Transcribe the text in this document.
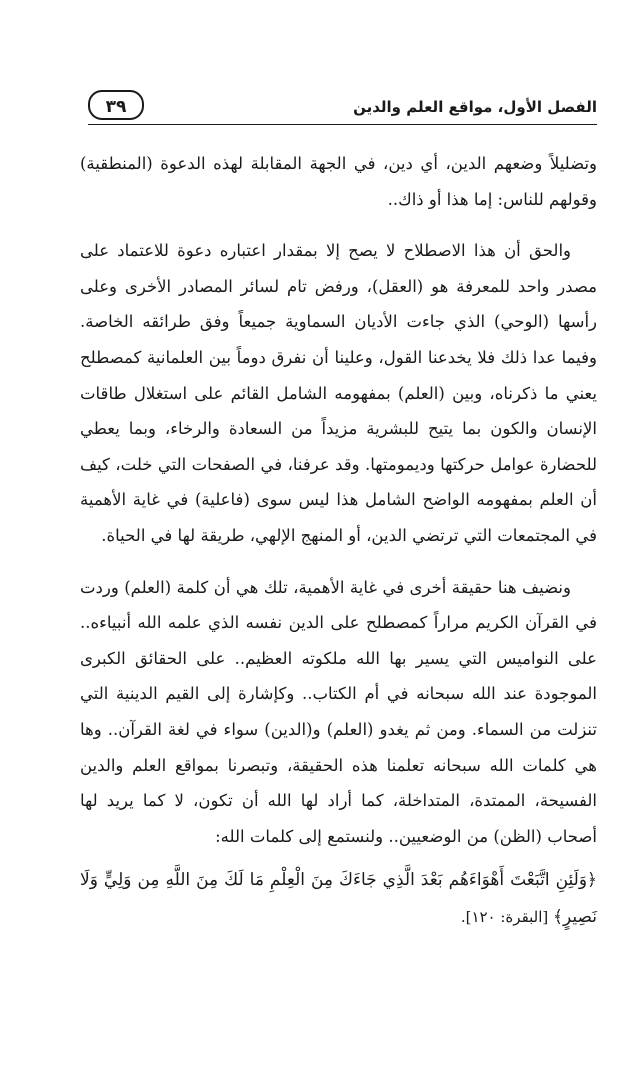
الفصل الأول، مواقع العلم والدين
٣٩

وتضليلاً وضعهم الدين، أي دين، في الجهة المقابلة لهذه الدعوة (المنطقية) وقولهم للناس: إما هذا أو ذاك..

والحق أن هذا الاصطلاح لا يصح إلا بمقدار اعتباره دعوة للاعتماد على مصدر واحد للمعرفة هو (العقل)، ورفض تام لسائر المصادر الأخرى وعلى رأسها (الوحي) الذي جاءت الأديان السماوية جميعاً وفق طرائقه الخاصة. وفيما عدا ذلك فلا يخدعنا القول، وعلينا أن نفرق دوماً بين العلمانية كمصطلح يعني ما ذكرناه، وبين (العلم) بمفهومه الشامل القائم على استغلال طاقات الإنسان والكون بما يتيح للبشرية مزيداً من السعادة والرخاء، وبما يعطي للحضارة عوامل حركتها وديمومتها. وقد عرفنا، في الصفحات التي خلت، كيف أن العلم بمفهومه الواضح الشامل هذا ليس سوى (فاعلية) في غاية الأهمية في المجتمعات التي ترتضي الدين، أو المنهج الإلهي، طريقة لها في الحياة.

ونضيف هنا حقيقة أخرى في غاية الأهمية، تلك هي أن كلمة (العلم) وردت في القرآن الكريم مراراً كمصطلح على الدين نفسه الذي علمه الله أنبياءه.. على النواميس التي يسير بها الله ملكوته العظيم.. على الحقائق الكبرى الموجودة عند الله سبحانه في أم الكتاب.. وكإشارة إلى القيم الدينية التي تنزلت من السماء. ومن ثم يغدو (العلم) و(الدين) سواء في لغة القرآن.. وها هي كلمات الله سبحانه تعلمنا هذه الحقيقة، وتبصرنا بمواقع العلم والدين الفسيحة، الممتدة، المتداخلة، كما أراد لها الله أن تكون، لا كما يريد لها أصحاب (الظن) من الوضعيين.. ولنستمع إلى كلمات الله:

﴿وَلَئِنِ اتَّبَعْتَ أَهْوَاءَهُم بَعْدَ الَّذِي جَاءَكَ مِنَ الْعِلْمِ مَا لَكَ مِنَ اللَّهِ مِن وَلِيٍّ وَلَا نَصِيرٍ﴾ [البقرة: ١٢٠].
